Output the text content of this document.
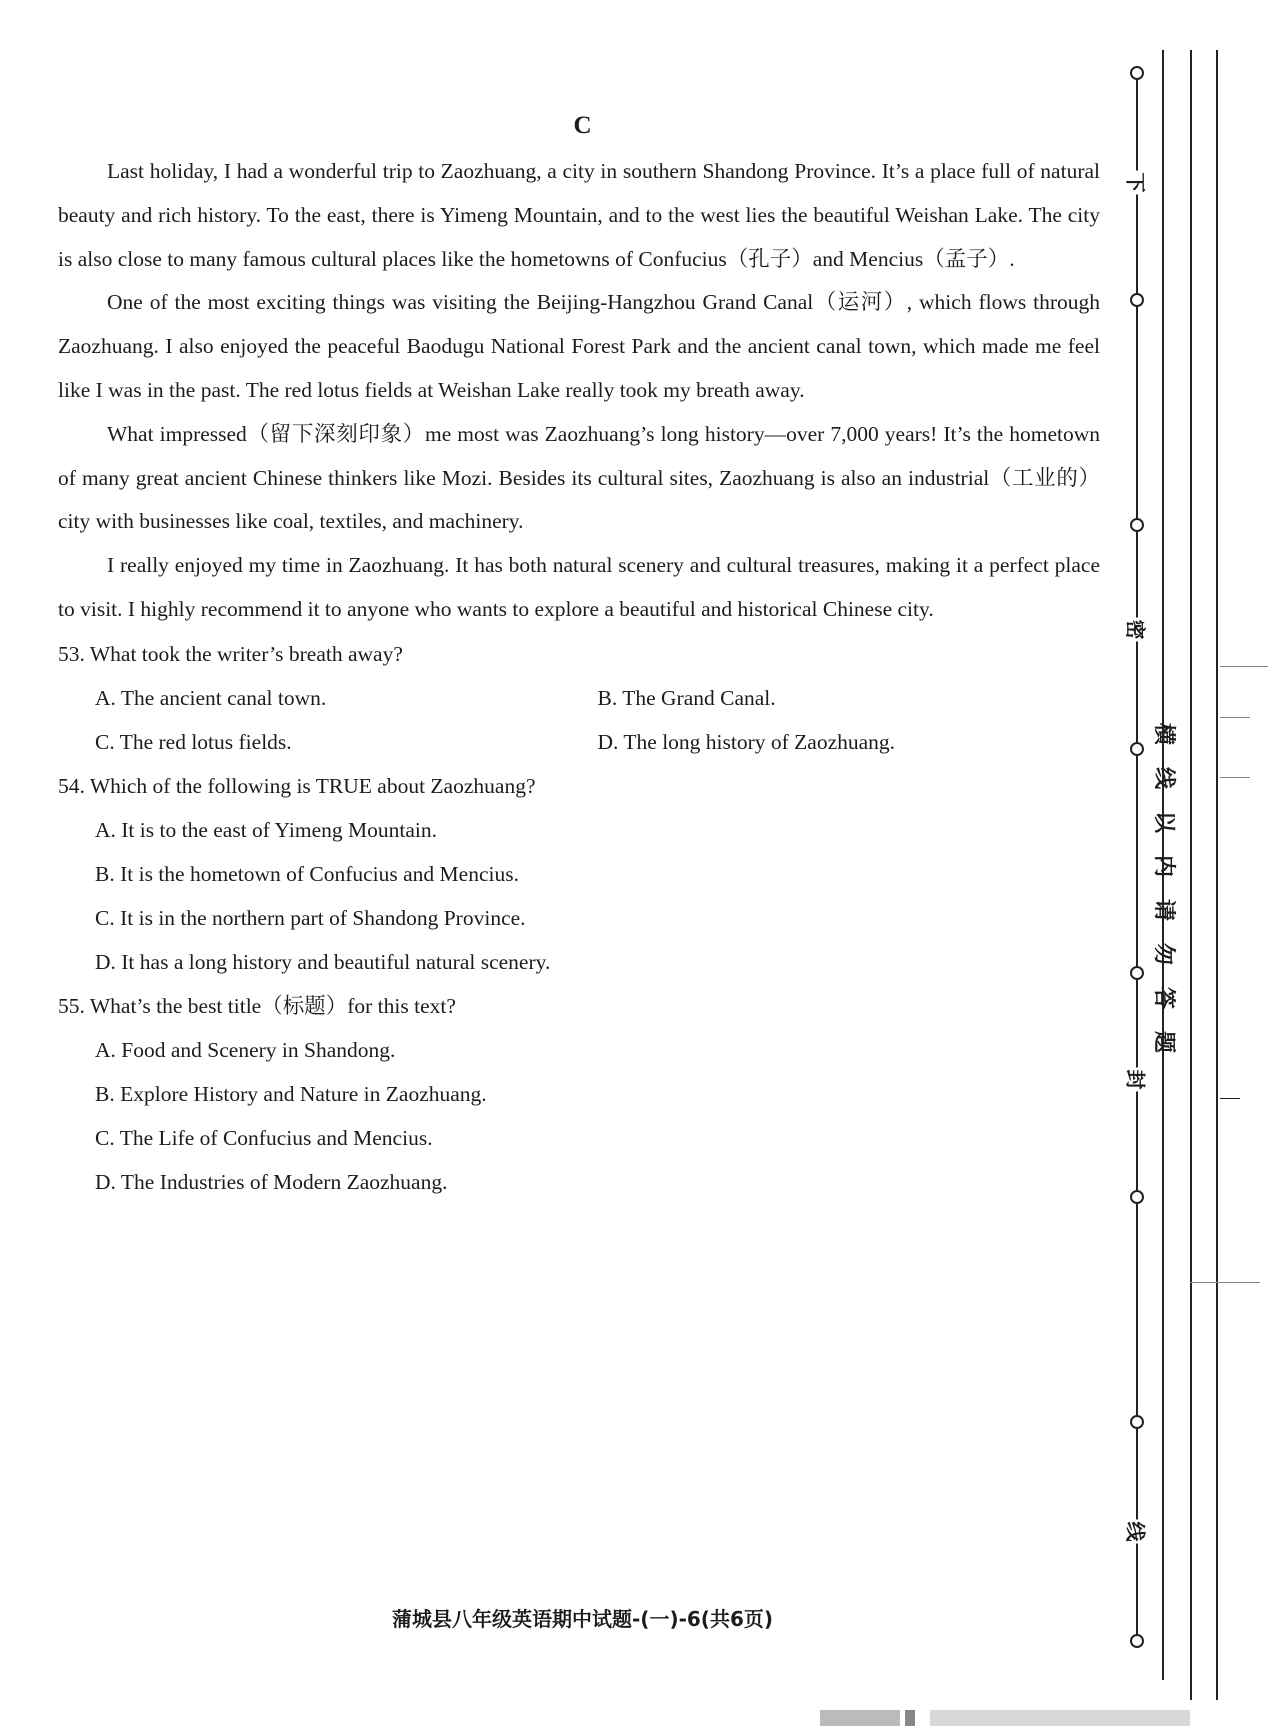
C

Last holiday, I had a wonderful trip to Zaozhuang, a city in southern Shandong Province. It’s a place full of natural beauty and rich history. To the east, there is Yimeng Mountain, and to the west lies the beautiful Weishan Lake. The city is also close to many famous cultural places like the hometowns of Confucius（孔子）and Mencius（孟子）.

One of the most exciting things was visiting the Beijing-Hangzhou Grand Canal（运河）, which flows through Zaozhuang. I also enjoyed the peaceful Baodugu National Forest Park and the ancient canal town, which made me feel like I was in the past. The red lotus fields at Weishan Lake really took my breath away.

What impressed（留下深刻印象）me most was Zaozhuang’s long history—over 7,000 years! It’s the hometown of many great ancient Chinese thinkers like Mozi. Besides its cultural sites, Zaozhuang is also an industrial（工业的）city with businesses like coal, textiles, and machinery.

I really enjoyed my time in Zaozhuang. It has both natural scenery and cultural treasures, making it a perfect place to visit. I highly recommend it to anyone who wants to explore a beautiful and historical Chinese city.

53. What took the writer’s breath away?

A. The ancient canal town.	B. The Grand Canal.
C. The red lotus fields.	D. The long history of Zaozhuang.

54. Which of the following is TRUE about Zaozhuang?

A. It is to the east of Yimeng Mountain.
B. It is the hometown of Confucius and Mencius.
C. It is in the northern part of Shandong Province.
D. It has a long history and beautiful natural scenery.

55. What’s the best title（标题）for this text?

A. Food and Scenery in Shandong.
B. Explore History and Nature in Zaozhuang.
C. The Life of Confucius and Mencius.
D. The Industries of Modern Zaozhuang.
蒲城县八年级英语期中试题-(一)-6(共6页)
下
密
封
线
横
线
以
内
请
勿
答
题
